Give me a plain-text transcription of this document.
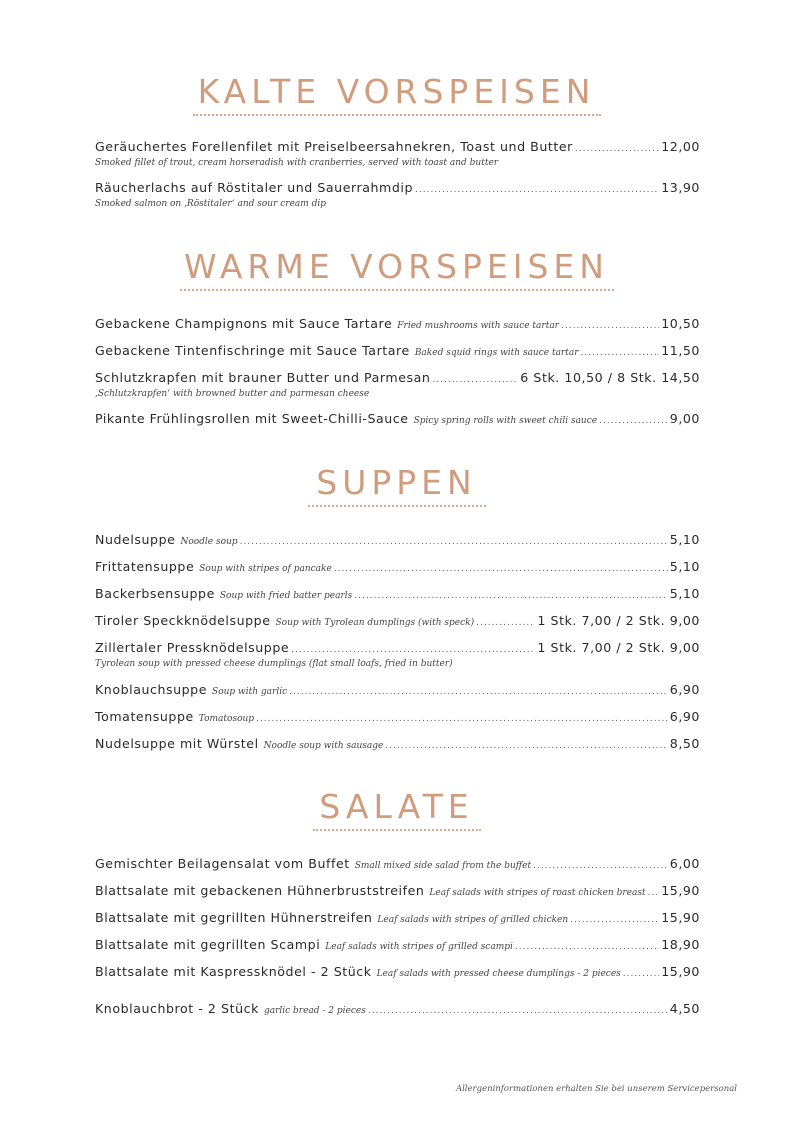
KALTE VORSPEISEN
Geräuchertes Forellenfilet mit Preiselbeersahnekren, Toast und Butter .....	12,00
Smoked fillet of trout, cream horseradish with cranberries, served with toast and butter
Räucherlachs auf Röstitaler und Sauerrahmdip .....	13,90
Smoked salmon on ‚Röstitaler‘ and sour cream dip
WARME VORSPEISEN
Gebackene Champignons mit Sauce Tartare Fried mushrooms with sauce tartar .....	10,50
Gebackene Tintenfischringe mit Sauce Tartare Baked squid rings with sauce tartar .....	11,50
Schlutzkrapfen mit brauner Butter und Parmesan .....	6 Stk. 10,50 / 8 Stk. 14,50
‚Schlutzkrapfen‘ with browned butter and parmesan cheese
Pikante Frühlingsrollen mit Sweet-Chilli-Sauce Spicy spring rolls with sweet chili sauce .....	9,00
SUPPEN
Nudelsuppe Noodle soup .....	5,10
Frittatensuppe Soup with stripes of pancake .....	5,10
Backerbsensuppe Soup with fried batter pearls .....	5,10
Tiroler Speckknödelsuppe Soup with Tyrolean dumplings (with speck) .....	1 Stk. 7,00 / 2 Stk. 9,00
Zillertaler Pressknödelsuppe .....	1 Stk. 7,00 / 2 Stk. 9,00
Tyrolean soup with pressed cheese dumplings (flat small loafs, fried in butter)
Knoblauchsuppe Soup with garlic .....	6,90
Tomatensuppe Tomatosoup .....	6,90
Nudelsuppe mit Würstel Noodle soup with sausage .....	8,50
SALATE
Gemischter Beilagensalat vom Buffet Small mixed side salad from the buffet .....	6,00
Blattsalate mit gebackenen Hühnerbruststreifen Leaf salads with stripes of roast chicken breast ..... 15,90
Blattsalate mit gegrillten Hühnerstreifen Leaf salads with stripes of grilled chicken .....	15,90
Blattsalate mit gegrillten Scampi Leaf salads with stripes of grilled scampi .....	18,90
Blattsalate mit Kaspressknödel - 2 Stück Leaf salads with pressed cheese dumplings - 2 pieces .....	15,90
Knoblauchbrot - 2 Stück garlic bread - 2 pieces .....	4,50
Allergeninformationen erhalten Sie bei unserem Servicepersonal
